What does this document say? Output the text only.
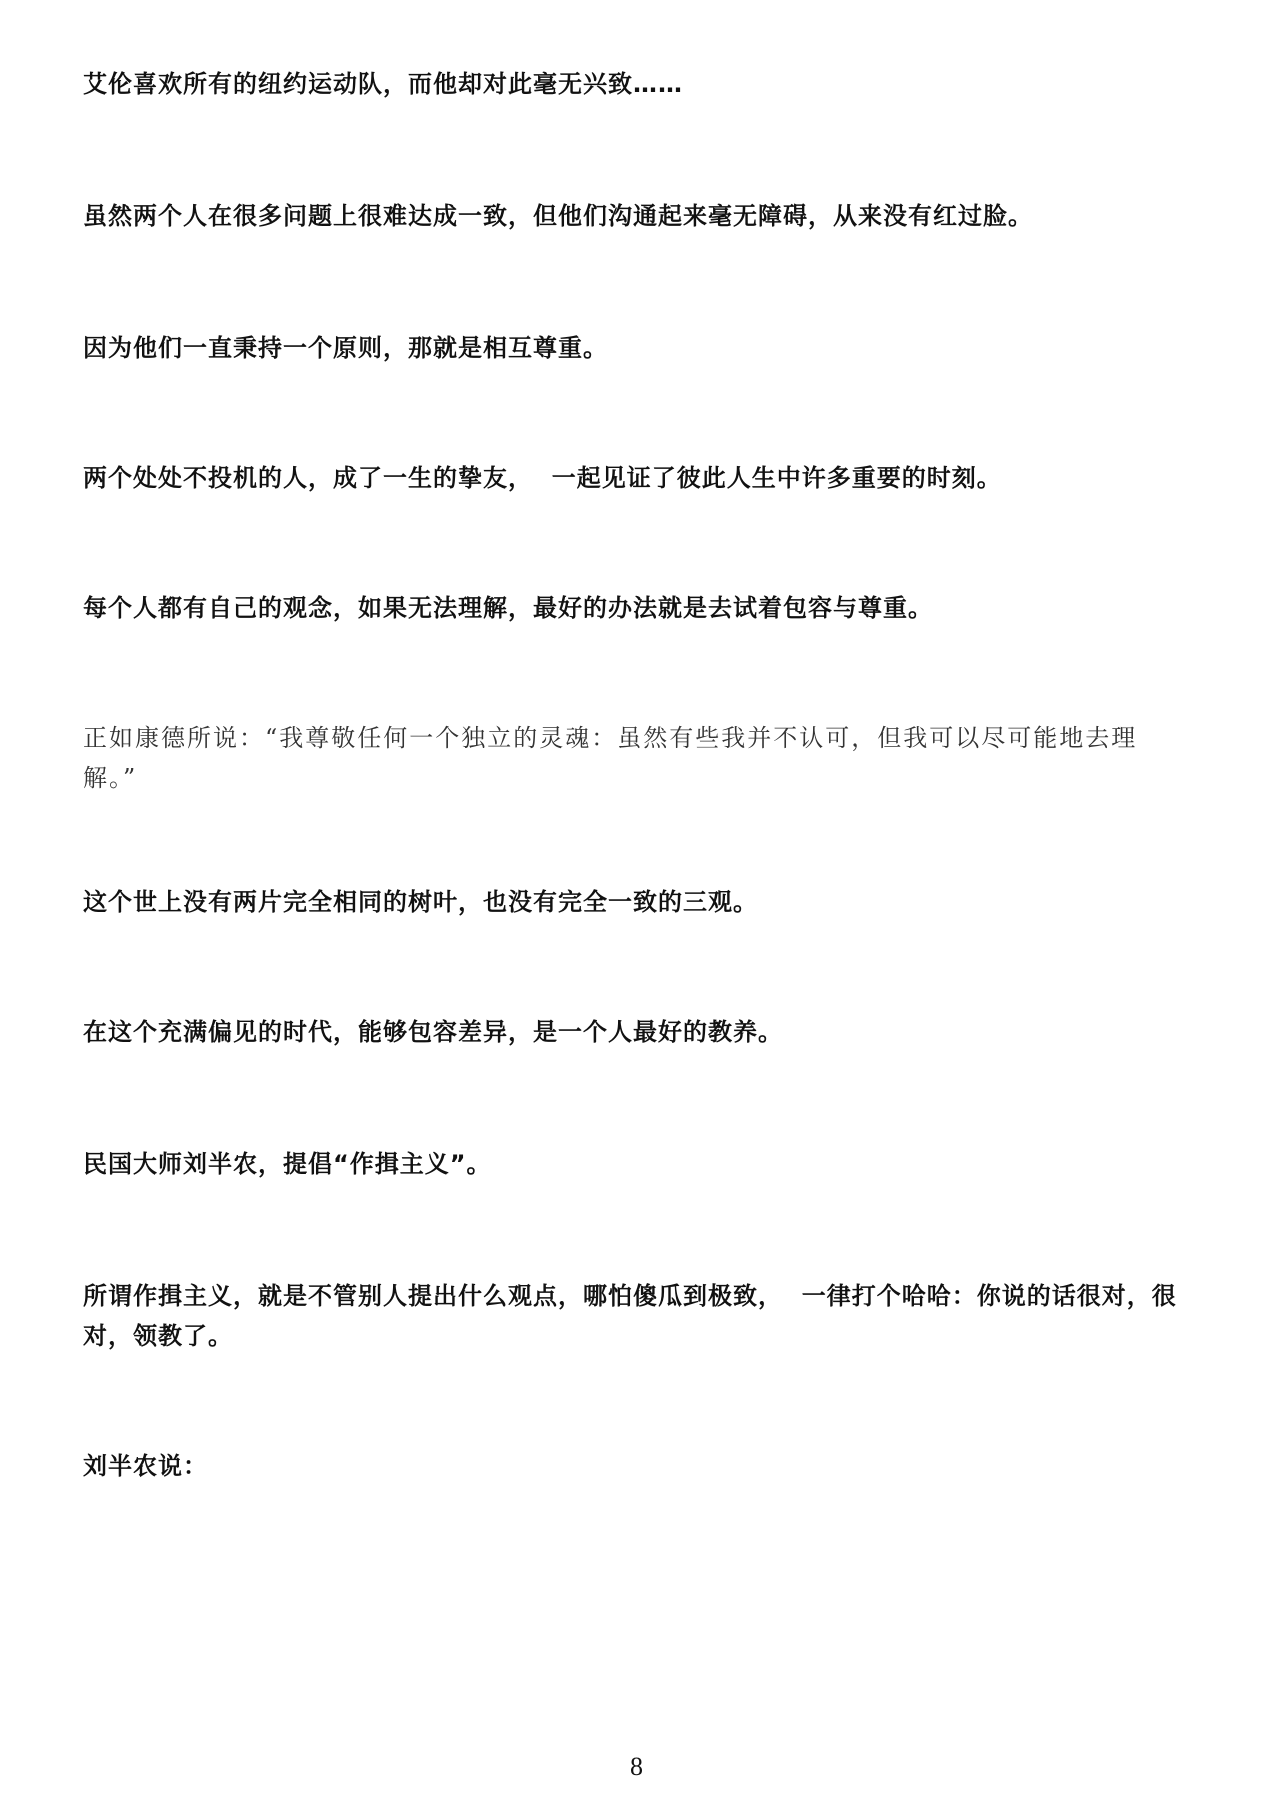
艾伦喜欢所有的纽约运动队，而他却对此毫无兴致……

虽然两个人在很多问题上很难达成一致，但他们沟通起来毫无障碍，从来没有红过脸。

因为他们一直秉持一个原则，那就是相互尊重。

两个处处不投机的人，成了一生的挚友，  一起见证了彼此人生中许多重要的时刻。

每个人都有自己的观念，如果无法理解，最好的办法就是去试着包容与尊重。

正如康德所说：“我尊敬任何一个独立的灵魂：虽然有些我并不认可，但我可以尽可能地去理解。”

这个世上没有两片完全相同的树叶，也没有完全一致的三观。

在这个充满偏见的时代，能够包容差异，是一个人最好的教养。

民国大师刘半农，提倡“作揖主义”。

所谓作揖主义，就是不管别人提出什么观点，哪怕傻瓜到极致，  一律打个哈哈：你说的话很对，很对，领教了。

刘半农说：

8
